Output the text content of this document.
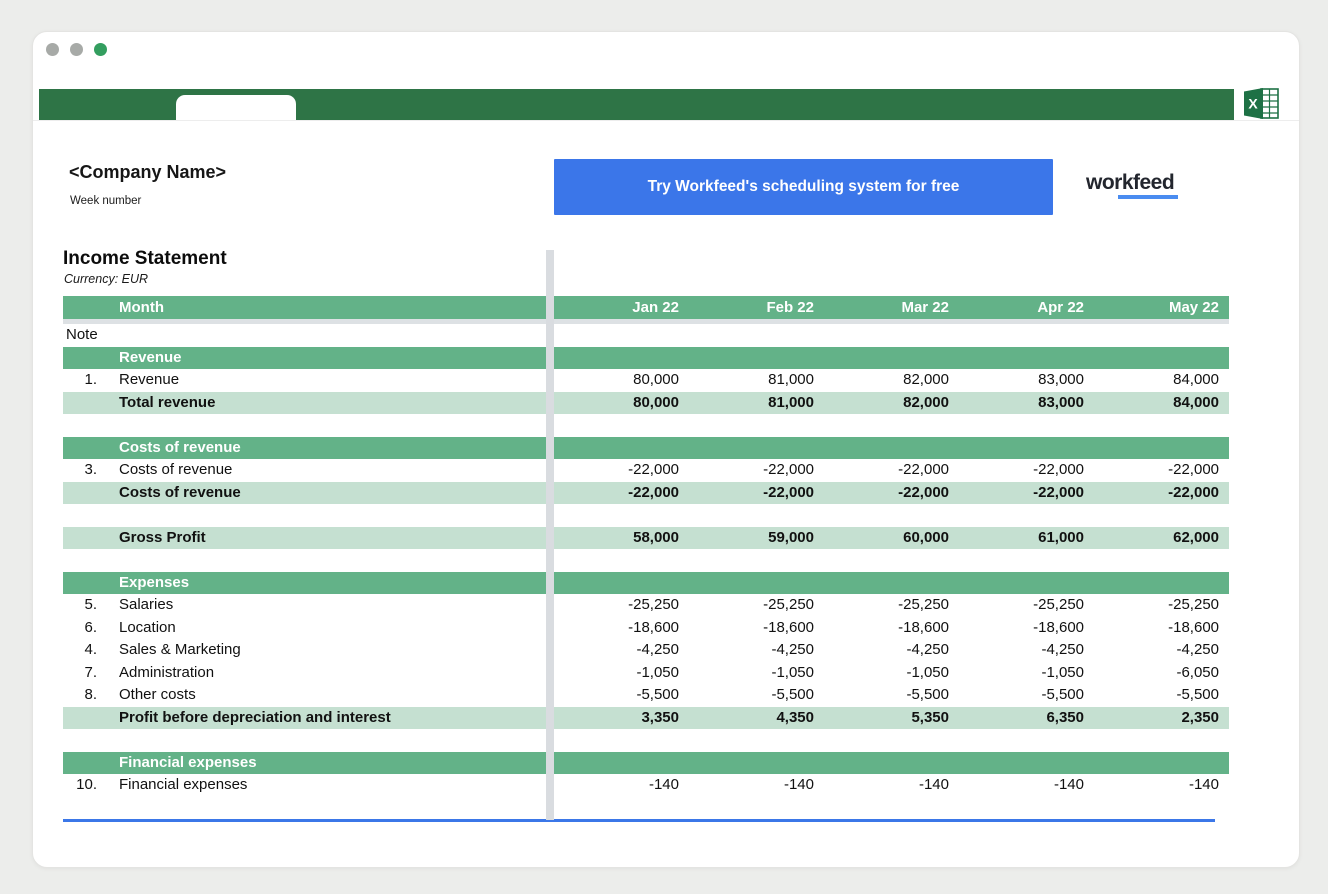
X
<Company Name>
Week number
Try Workfeed's scheduling system for free	workfeed
Income Statement
Currency: EUR
Month	Jan 22	Feb 22	Mar 22	Apr 22	May 22
Note
Revenue
1.	Revenue	80,000	81,000	82,000	83,000	84,000
Total revenue	80,000	81,000	82,000	83,000	84,000
Costs of revenue
3.	Costs of revenue	-22,000	-22,000	-22,000	-22,000	-22,000
Costs of revenue	-22,000	-22,000	-22,000	-22,000	-22,000
Gross Profit	58,000	59,000	60,000	61,000	62,000
Expenses
5.	Salaries	-25,250	-25,250	-25,250	-25,250	-25,250
6.	Location	-18,600	-18,600	-18,600	-18,600	-18,600
4.	Sales & Marketing	-4,250	-4,250	-4,250	-4,250	-4,250
7.	Administration	-1,050	-1,050	-1,050	-1,050	-6,050
8.	Other costs	-5,500	-5,500	-5,500	-5,500	-5,500
Profit before depreciation and interest	3,350	4,350	5,350	6,350	2,350
Financial expenses
10.	Financial expenses	-140	-140	-140	-140	-140
